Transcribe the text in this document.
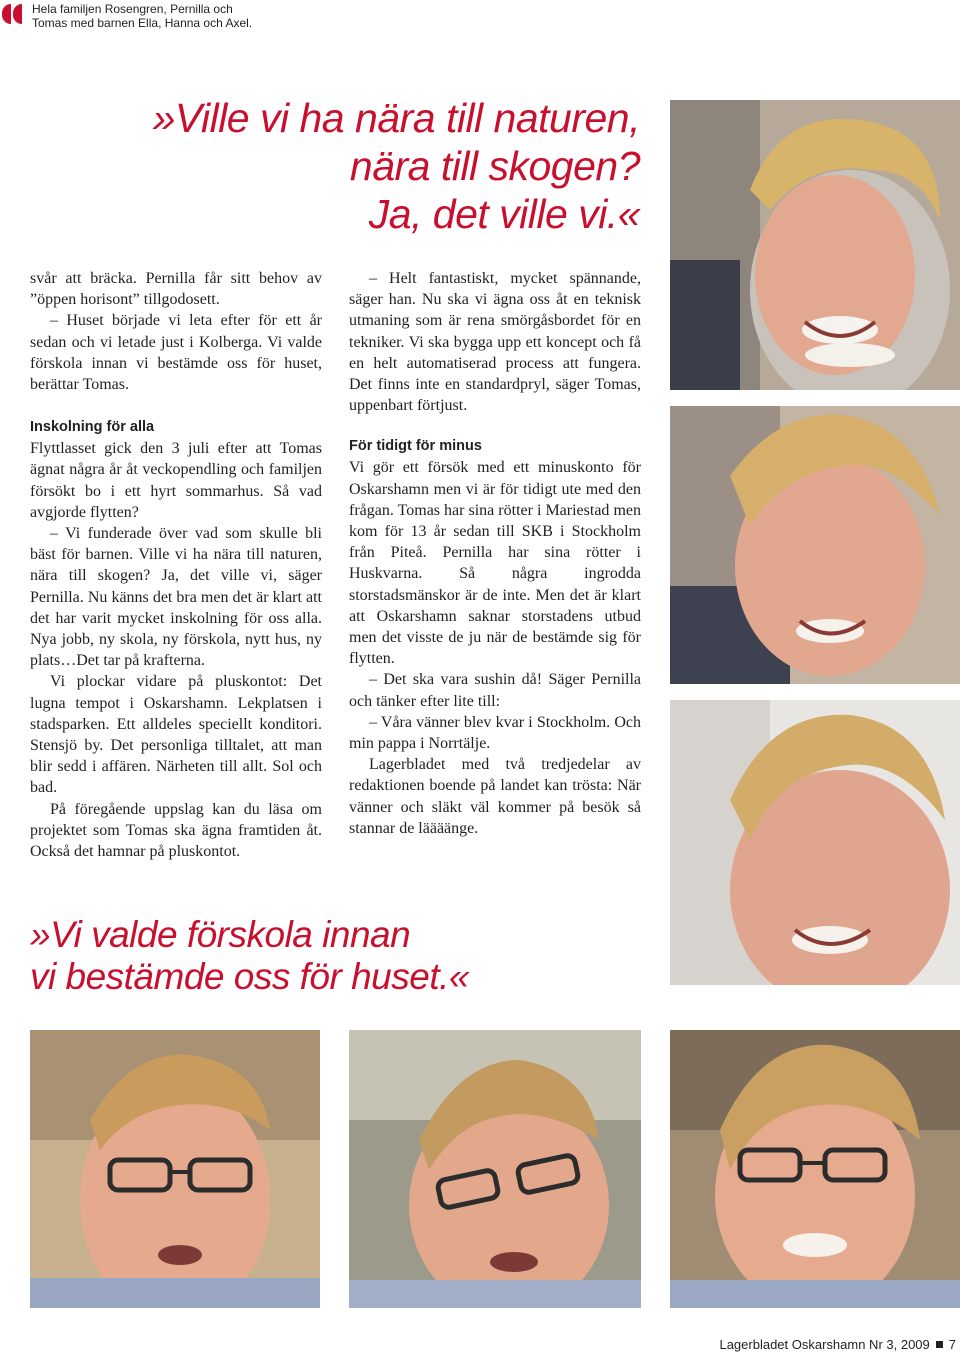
Hela familjen Rosengren, Pernilla och
Tomas med barnen Ella, Hanna och Axel.
»Ville vi ha nära till naturen,
nära till skogen?
Ja, det ville vi.«

svår att bräcka. Pernilla får sitt behov av ”öppen horisont” tillgodosett.

– Huset började vi leta efter för ett år sedan och vi letade just i Kolberga. Vi valde förskola innan vi bestämde oss för huset, berättar Tomas.

Inskolning för alla

Flyttlasset gick den 3 juli efter att Tomas ägnat några år åt veckopendling och familjen försökt bo i ett hyrt sommarhus. Så vad avgjorde flytten?

– Vi funderade över vad som skulle bli bäst för barnen. Ville vi ha nära till naturen, nära till skogen? Ja, det ville vi, säger Pernilla. Nu känns det bra men det är klart att det har varit mycket inskolning för oss alla. Nya jobb, ny skola, ny förskola, nytt hus, ny plats…Det tar på krafterna.

Vi plockar vidare på pluskontot: Det lugna tempot i Oskarshamn. Lekplatsen i stadsparken. Ett alldeles speciellt konditori. Stensjö by. Det personliga tilltalet, att man blir sedd i affären. Närheten till allt. Sol och bad.

På föregående uppslag kan du läsa om projektet som Tomas ska ägna framtiden åt. Också det hamnar på pluskontot.

– Helt fantastiskt, mycket spännande, säger han. Nu ska vi ägna oss åt en teknisk utmaning som är rena smörgåsbordet för en tekniker. Vi ska bygga upp ett koncept och få en helt automatiserad process att fungera. Det finns inte en standardpryl, säger Tomas, uppenbart förtjust.

För tidigt för minus

Vi gör ett försök med ett minuskonto för Oskarshamn men vi är för tidigt ute med den frågan. Tomas har sina rötter i Mariestad men kom för 13 år sedan till SKB i Stockholm från Piteå. Pernilla har sina rötter i Huskvarna. Så några ingrodda storstadsmänskor är de inte. Men det är klart att Oskarshamn saknar storstadens utbud men det visste de ju när de bestämde sig för flytten.

– Det ska vara sushin då! Säger Pernilla och tänker efter lite till:

– Våra vänner blev kvar i Stockholm. Och min pappa i Norrtälje.

Lagerbladet med två tredjedelar av redaktionen boende på landet kan trösta: När vänner och släkt väl kommer på besök så stannar de läääänge.

»Vi valde förskola innan
vi bestämde oss för huset.«
Lagerbladet Oskarshamn Nr 3, 2009 7
